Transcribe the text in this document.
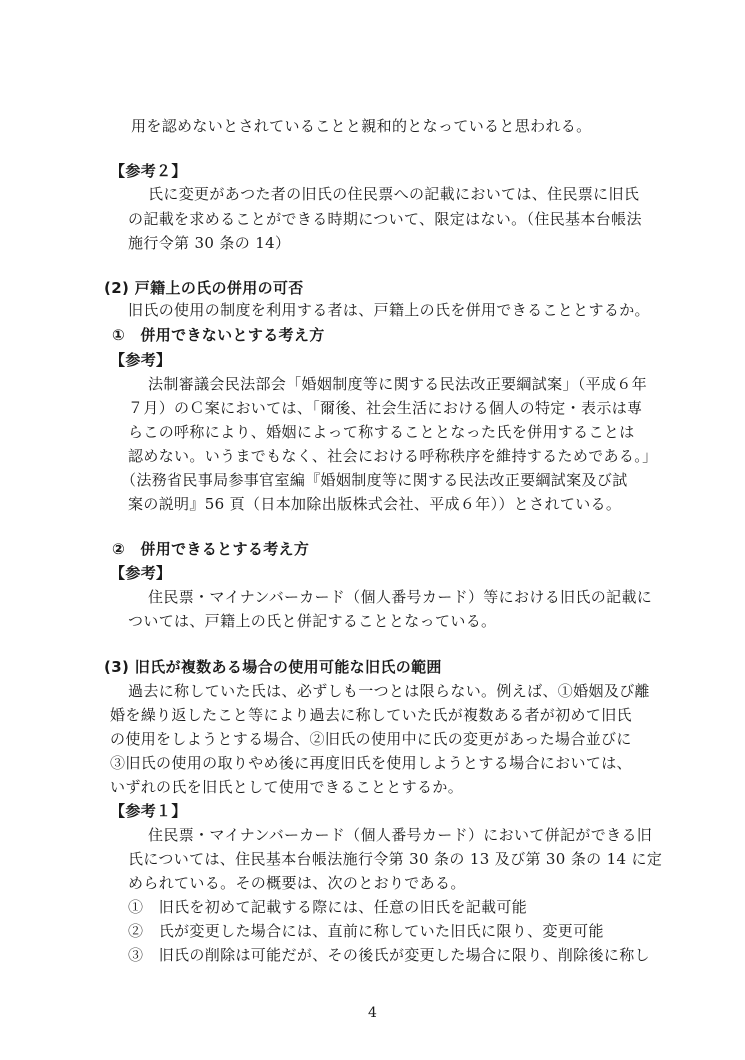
用を認めないとされていることと親和的となっていると思われる。
【参考２】
氏に変更があつた者の旧氏の住民票への記載においては、住民票に旧氏
の記載を求めることができる時期について、限定はない。（住民基本台帳法
施行令第 30 条の 14）
(2) 戸籍上の氏の併用の可否
旧氏の使用の制度を利用する者は、戸籍上の氏を併用できることとするか。
①　併用できないとする考え方
【参考】
法制審議会民法部会「婚姻制度等に関する民法改正要綱試案」（平成６年
７月）のＣ案においては、「爾後、社会生活における個人の特定・表示は専
らこの呼称により、婚姻によって称することとなった氏を併用することは
認めない。いうまでもなく、社会における呼称秩序を維持するためである。」
（法務省民事局参事官室編『婚姻制度等に関する民法改正要綱試案及び試
案の説明』56 頁（日本加除出版株式会社、平成６年））とされている。
②　併用できるとする考え方
【参考】
住民票・マイナンバーカード（個人番号カード）等における旧氏の記載に
ついては、戸籍上の氏と併記することとなっている。
(3) 旧氏が複数ある場合の使用可能な旧氏の範囲
過去に称していた氏は、必ずしも一つとは限らない。例えば、①婚姻及び離
婚を繰り返したこと等により過去に称していた氏が複数ある者が初めて旧氏
の使用をしようとする場合、②旧氏の使用中に氏の変更があった場合並びに
③旧氏の使用の取りやめ後に再度旧氏を使用しようとする場合においては、
いずれの氏を旧氏として使用できることとするか。
【参考１】
住民票・マイナンバーカード（個人番号カード）において併記ができる旧
氏については、住民基本台帳法施行令第 30 条の 13 及び第 30 条の 14 に定
められている。その概要は、次のとおりである。
①　旧氏を初めて記載する際には、任意の旧氏を記載可能
②　氏が変更した場合には、直前に称していた旧氏に限り、変更可能
③　旧氏の削除は可能だが、その後氏が変更した場合に限り、削除後に称し
4
